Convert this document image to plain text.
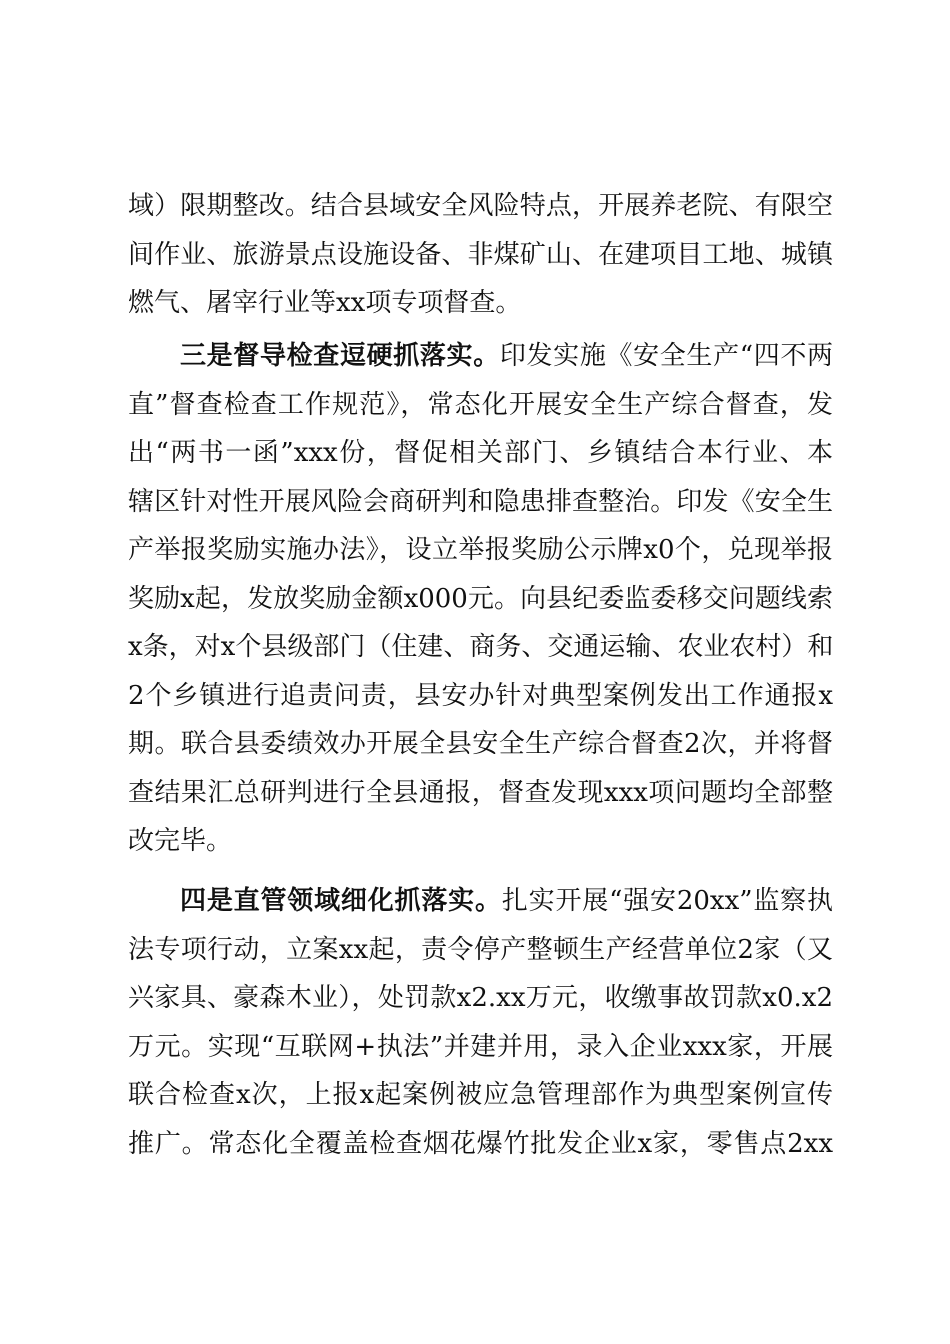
域）限期整改。结合县域安全风险特点，开展养老院、有限空
间作业、旅游景点设施设备、非煤矿山、在建项目工地、城镇
燃气、屠宰行业等xx项专项督查。
三是督导检查逗硬抓落实。印发实施《安全生产“四不两
直”督查检查工作规范》，常态化开展安全生产综合督查，发
出“两书一函”xxx份，督促相关部门、乡镇结合本行业、本
辖区针对性开展风险会商研判和隐患排查整治。印发《安全生
产举报奖励实施办法》，设立举报奖励公示牌x0个，兑现举报
奖励x起，发放奖励金额x000元。向县纪委监委移交问题线索
x条，对x个县级部门（住建、商务、交通运输、农业农村）和
2个乡镇进行追责问责，县安办针对典型案例发出工作通报x
期。联合县委绩效办开展全县安全生产综合督查2次，并将督
查结果汇总研判进行全县通报，督查发现xxx项问题均全部整
改完毕。
四是直管领域细化抓落实。扎实开展“强安20xx”监察执
法专项行动，立案xx起，责令停产整顿生产经营单位2家（又
兴家具、豪森木业），处罚款x2.xx万元，收缴事故罚款x0.x2
万元。实现“互联网+执法”并建并用，录入企业xxx家，开展
联合检查x次，上报x起案例被应急管理部作为典型案例宣传
推广。常态化全覆盖检查烟花爆竹批发企业x家，零售点2xx
